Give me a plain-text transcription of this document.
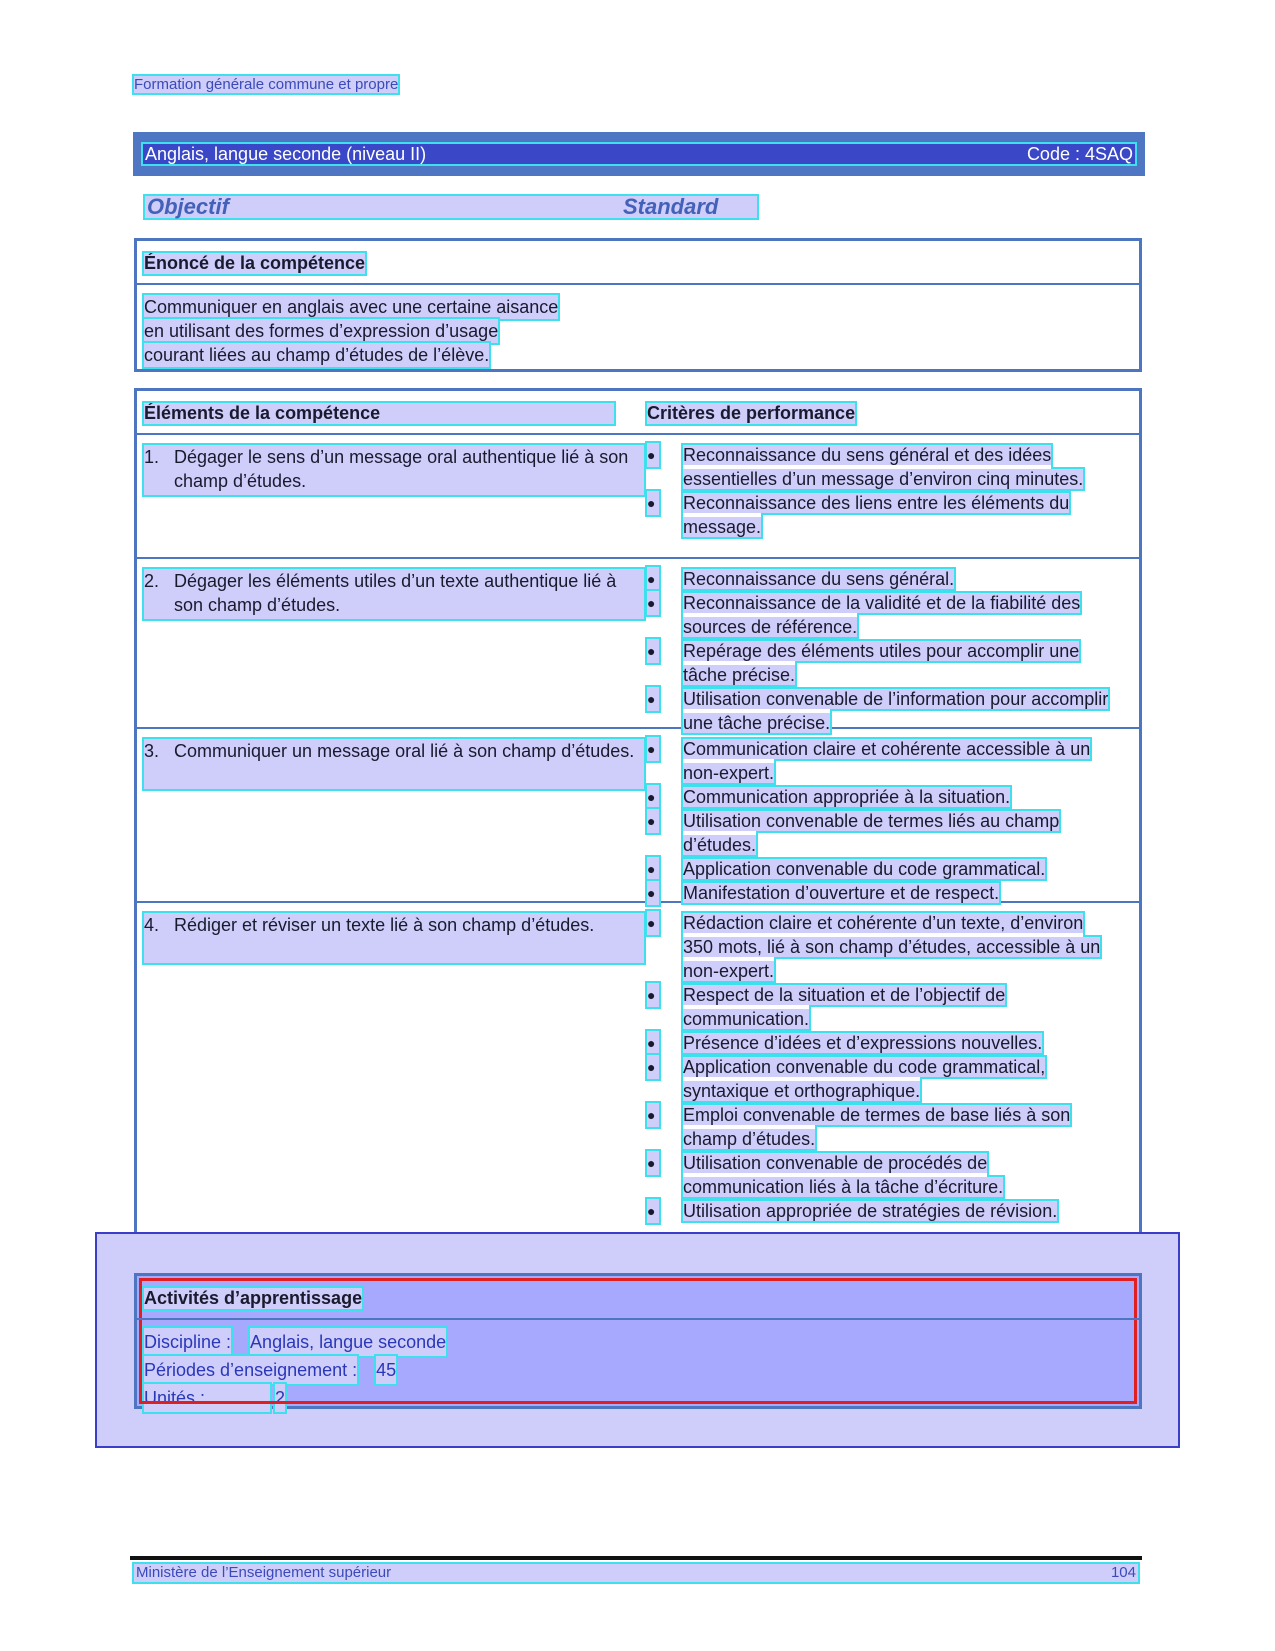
Formation générale commune et propre
Anglais, langue seconde (niveau II)	Code : 4SAQ
Objectif	Standard
Énoncé de la compétence
Communiquer en anglais avec une certaine aisance
en utilisant des formes d’expression d’usage
courant liées au champ d’études de l’élève.
Éléments de la compétence	Critères de performance
1. Dégager le sens d’un message oral authentique lié à son champ d’études.
● Reconnaissance du sens général et des idées essentielles d’un message d’environ cinq minutes.
● Reconnaissance des liens entre les éléments du message.
2. Dégager les éléments utiles d’un texte authentique lié à son champ d’études.
● Reconnaissance du sens général.
● Reconnaissance de la validité et de la fiabilité des sources de référence.
● Repérage des éléments utiles pour accomplir une tâche précise.
● Utilisation convenable de l’information pour accomplir une tâche précise.
3. Communiquer un message oral lié à son champ d’études. ● Communication claire et cohérente accessible à un non-expert.
● Communication appropriée à la situation.
● Utilisation convenable de termes liés au champ d’études.
● Application convenable du code grammatical.
● Manifestation d’ouverture et de respect.
4. Rédiger et réviser un texte lié à son champ d’études.	● Rédaction claire et cohérente d’un texte, d’environ 350 mots, lié à son champ d’études, accessible à un non-expert.
● Respect de la situation et de l’objectif de communication.
● Présence d’idées et d’expressions nouvelles.
● Application convenable du code grammatical, syntaxique et orthographique.
● Emploi convenable de termes de base liés à son champ d’études.
● Utilisation convenable de procédés de communication liés à la tâche d’écriture.
● Utilisation appropriée de stratégies de révision.
Activités d’apprentissage
Discipline : Anglais, langue seconde
Périodes d’enseignement : 45
Unités :	2
Ministère de l’Enseignement supérieur	104
